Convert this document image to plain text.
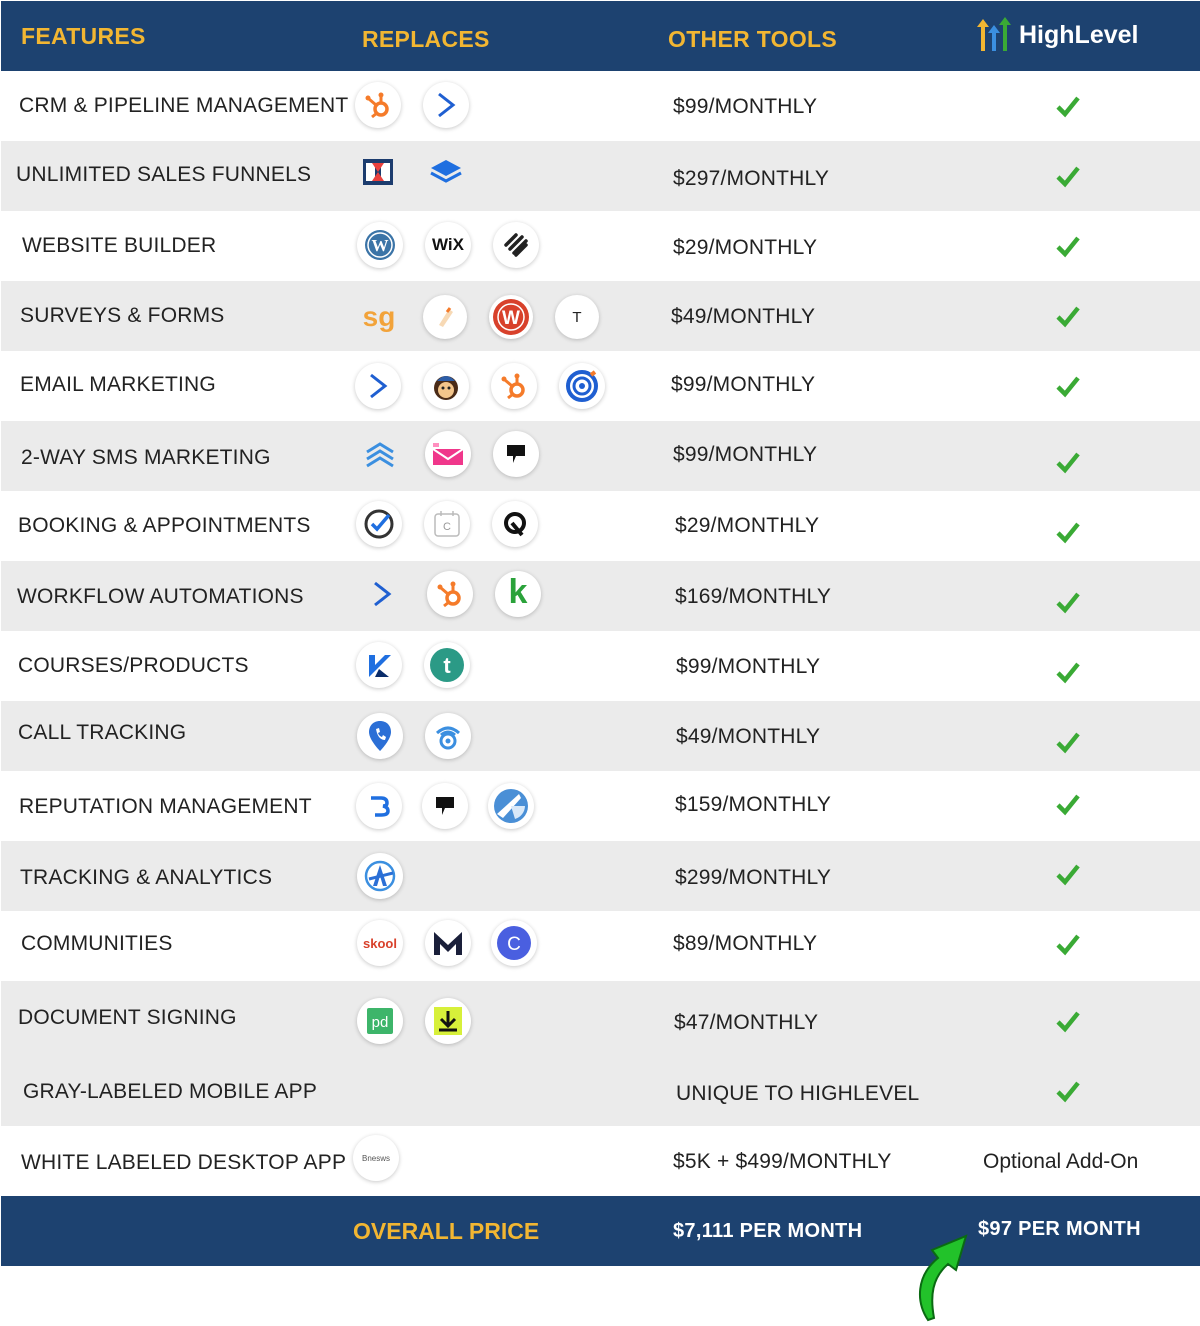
FEATURES	REPLACES	OTHER TOOLS	HighLevel
CRM & PIPELINE MANAGEMENT	$99/MONTHLY
UNLIMITED SALES FUNNELS	$297/MONTHLY
WEBSITE BUILDER	W	WiX	$29/MONTHLY
SURVEYS & FORMS	sg	W	T	$49/MONTHLY
EMAIL MARKETING	$99/MONTHLY
2-WAY SMS MARKETING	$99/MONTHLY
BOOKING & APPOINTMENTS	C	$29/MONTHLY
WORKFLOW AUTOMATIONS	k	$169/MONTHLY
COURSES/PRODUCTS	t	$99/MONTHLY
CALL TRACKING	$49/MONTHLY
REPUTATION MANAGEMENT	$159/MONTHLY
TRACKING & ANALYTICS	$299/MONTHLY
COMMUNITIES	skool	C	$89/MONTHLY
DOCUMENT SIGNING	pd	$47/MONTHLY
GRAY-LABELED MOBILE APP	UNIQUE TO HIGHLEVEL
WHITE LABELED DESKTOP APP Bnesws	$5K + $499/MONTHLY	Optional Add-On
OVERALL PRICE	$7,111 PER MONTH	$97 PER MONTH
